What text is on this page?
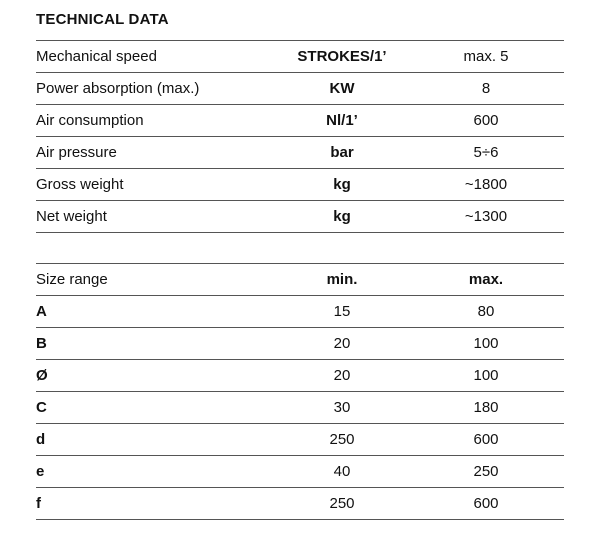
TECHNICAL DATA
Mechanical speed	STROKES/1’	max. 5
Power absorption (max.)	KW	8
Air consumption	Nl/1’	600
Air pressure	bar	5÷6
Gross weight	kg	~1800
Net weight	kg	~1300
Size range	min.	max.
A	15	80
B	20	100
Ø	20	100
C	30	180
d	250	600
e	40	250
f	250	600
